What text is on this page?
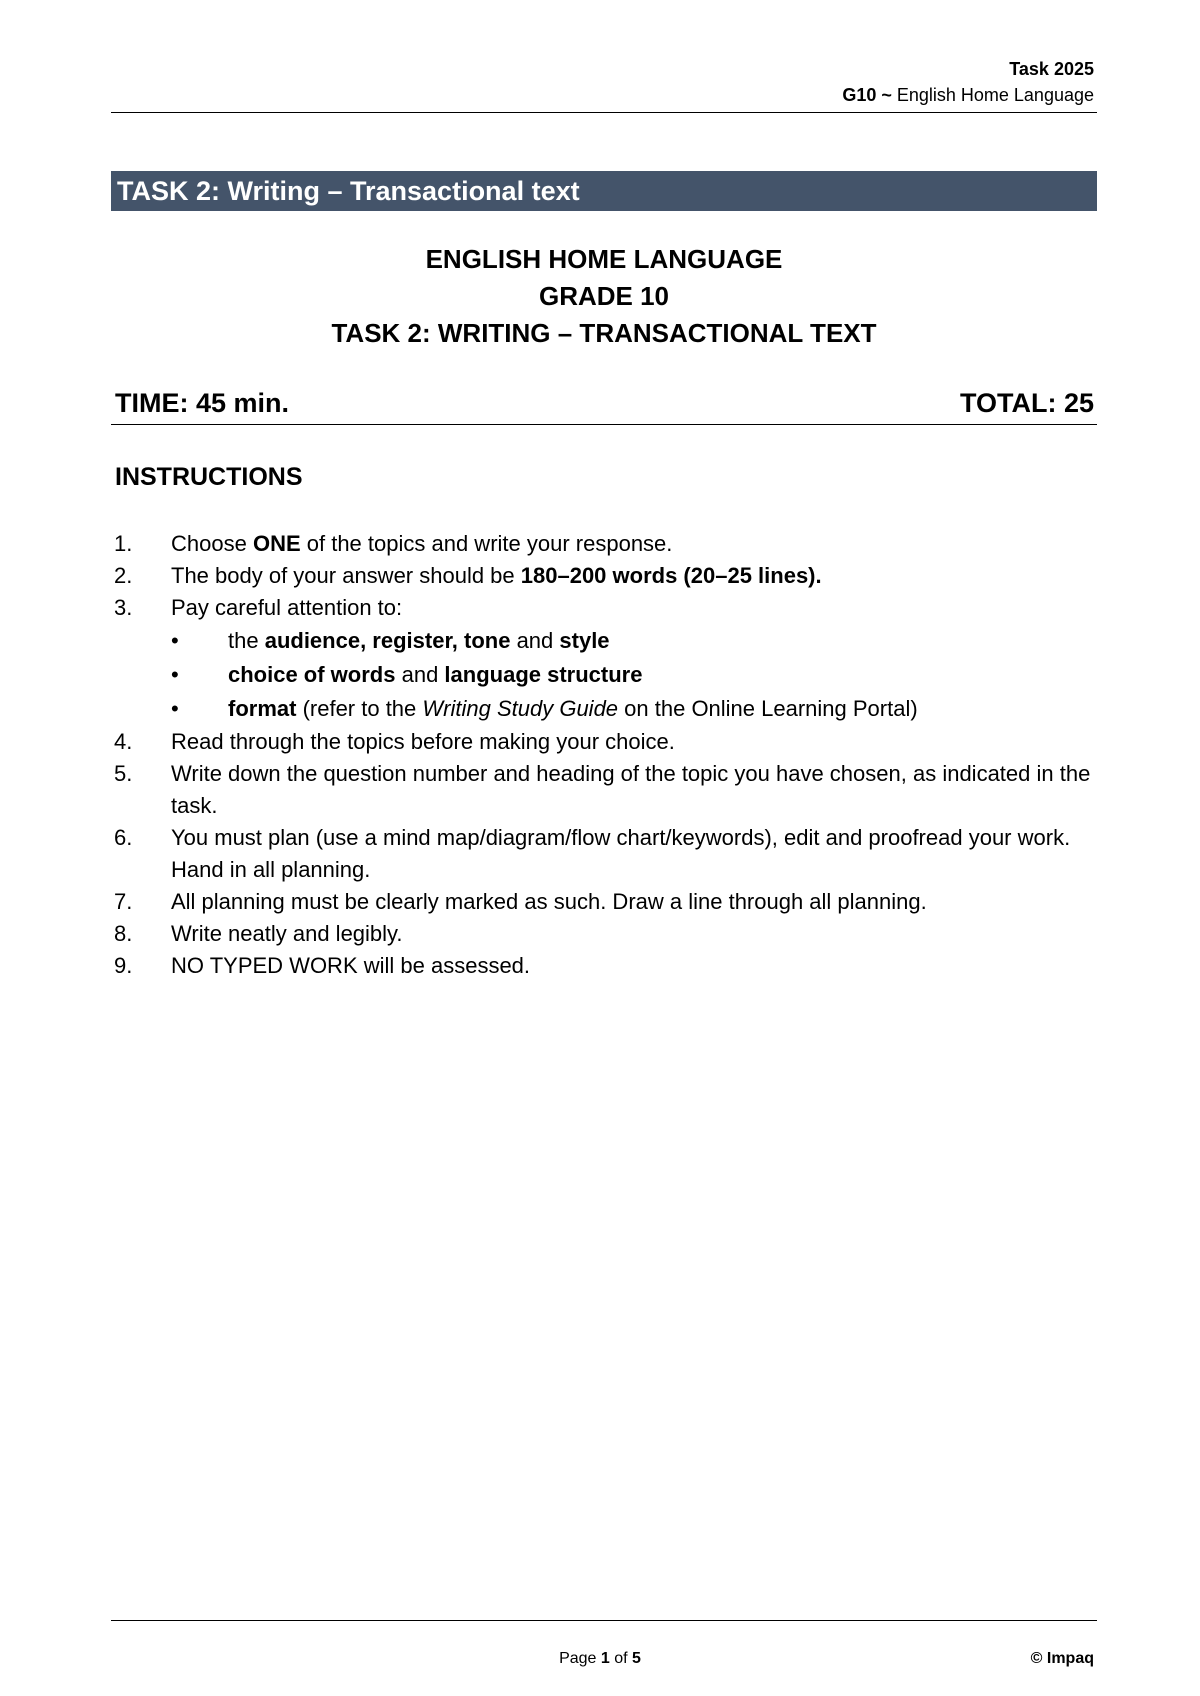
Task 2025
G10 ~ English Home Language
TASK 2: Writing – Transactional text
ENGLISH HOME LANGUAGE
GRADE 10
TASK 2: WRITING – TRANSACTIONAL TEXT
TIME: 45 min.	TOTAL: 25
INSTRUCTIONS
1.	Choose ONE of the topics and write your response.
2.	The body of your answer should be 180–200 words (20–25 lines).
3.	Pay careful attention to:
•	the audience, register, tone and style
•	choice of words and language structure
•	format (refer to the Writing Study Guide on the Online Learning Portal)
4.	Read through the topics before making your choice.
5.	Write down the question number and heading of the topic you have chosen, as indicated in the task.
6.	You must plan (use a mind map/diagram/flow chart/keywords), edit and proofread your work. Hand in all planning.
7.	All planning must be clearly marked as such. Draw a line through all planning.
8.	Write neatly and legibly.
9.	NO TYPED WORK will be assessed.
Page 1 of 5	© Impaq
